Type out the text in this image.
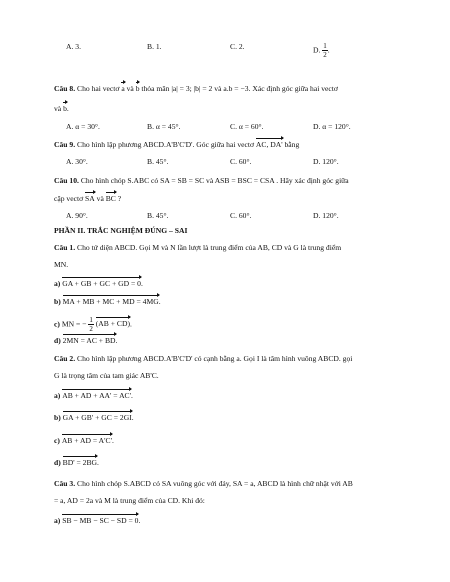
A. 3.	B. 1.	C. 2.	D. $\frac{1}{2}$ .
Câu 8. Cho hai vectơ a và b thỏa mãn |a| = 3; |b| = 2 và a.b = −3. Xác định góc giữa hai vectơ
và b.
A. α = 30°.	B. α = 45°.	C. α = 60°.	D. α = 120°.
Câu 9. Cho hình lập phương ABCD.A'B'C'D'. Góc giữa hai vectơ AC, DA' bằng
A. 30°.	B. 45°.	C. 60°.	D. 120°.
Câu 10. Cho hình chóp S.ABC có SA = SB = SC và ASB = BSC = CSA . Hãy xác định góc giữa
cặp vectơ SA và BC ?
A. 90°.	B. 45°.	C. 60°.	D. 120°.
PHẦN II. TRẮC NGHIỆM ĐÚNG – SAI
Câu 1. Cho tứ diện ABCD. Gọi M và N lần lượt là trung điểm của AB, CD và G là trung điểm
MN.
a) GA + GB + GC + GD = 0.
b) MA + MB + MC + MD = 4MG.
c) MN = − $\frac{1}{2} (AB + CD)$.
d) 2MN = AC + BD.
Câu 2. Cho hình lập phương ABCD.A'B'C'D' có cạnh bằng a. Gọi I là tâm hình vuông ABCD. gọi
G là trọng tâm của tam giác AB'C.
a) AB + AD + AA' = AC'.
b) GA + GB' + GC = 2GI.
c) AB + AD = A'C'.
d) BD' = 2BG.
Câu 3. Cho hình chóp S.ABCD có SA vuông góc với đáy, SA = a, ABCD là hình chữ nhật với AB
= a, AD = 2a và M là trung điểm của CD. Khi đó:
a) SB − MB − SC − SD = 0.
